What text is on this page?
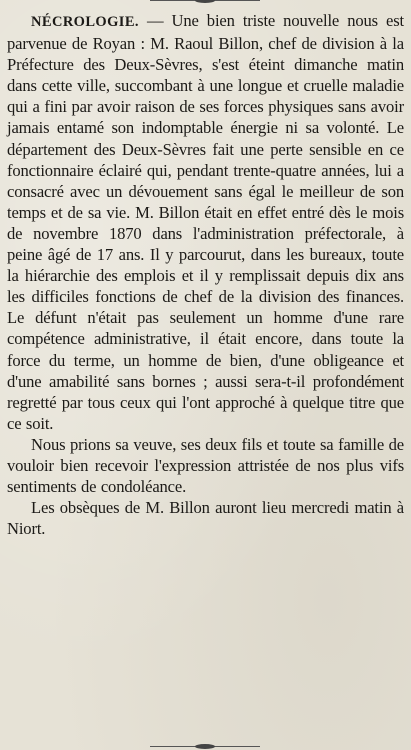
NÉCROLOGIE. — Une bien triste nouvelle nous est parvenue de Royan : M. Raoul Billon, chef de division à la Préfecture des Deux-Sèvres, s'est éteint dimanche matin dans cette ville, succombant à une longue et cruelle maladie qui a fini par avoir raison de ses forces physiques sans avoir jamais entamé son indomptable énergie ni sa volonté. Le département des Deux-Sèvres fait une perte sensible en ce fonctionnaire éclairé qui, pendant trente-quatre années, lui a consacré avec un dévouement sans égal le meilleur de son temps et de sa vie. M. Billon était en effet entré dès le mois de novembre 1870 dans l'administration préfectorale, à peine âgé de 17 ans. Il y parcourut, dans les bureaux, toute la hiérarchie des emplois et il y remplissait depuis dix ans les difficiles fonctions de chef de la division des finances. Le défunt n'était pas seulement un homme d'une rare compétence administrative, il était encore, dans toute la force du terme, un homme de bien, d'une obligeance et d'une amabilité sans bornes ; aussi sera-t-il profondément regretté par tous ceux qui l'ont approché à quelque titre que ce soit.

Nous prions sa veuve, ses deux fils et toute sa famille de vouloir bien recevoir l'expression attristée de nos plus vifs sentiments de condoléance.

Les obsèques de M. Billon auront lieu mercredi matin à Niort.
